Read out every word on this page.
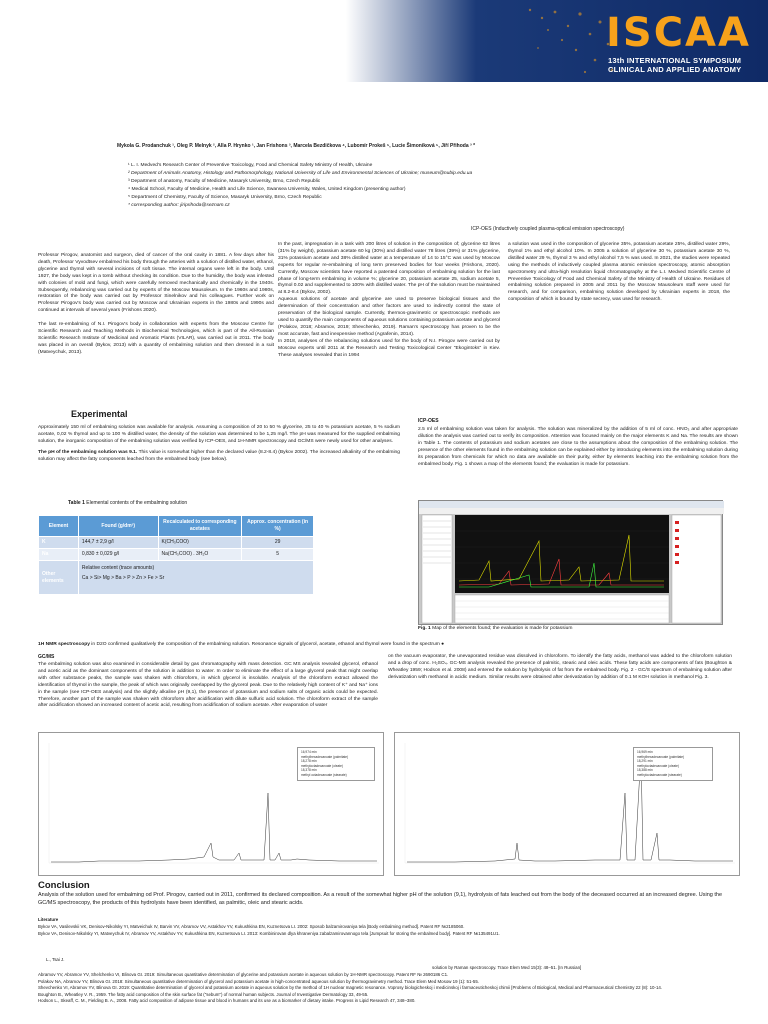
ISCAA
13th INTERNATIONAL SYMPOSIUM
CLINICAL AND APPLIED ANATOMY
Mykola G. Prodanchuk ¹, Oleg P. Melnyk ², Alla P. Hrynko ¹, Jan Frishons ³, Marcela Bezdičkova ⁴, Lubomír Prokeš ⁵, Lucie Šimoníková ⁵, Jiří Přihoda ³ *
¹ L. I. Medved's Research Center of Preventive Toxicology, Food and Chemical Safety Ministry of Health, Ukraine
² Department of Animals Anatomy, Histology and Pathomorphology, National University of Life and Environmental Sciences of Ukraine; museum@nubip.edu.ua
³ Department of anatomy, Faculty of Medicine, Masaryk University, Brno, Czech Republic
⁴ Medical School, Faculty of Medicine, Health and Life Science, Swansea University, Wales, United Kingdom (presenting author)
⁵ Department of Chemistry, Faculty of Science, Masaryk University, Brno, Czech Republic
* corresponding author: jiriprihoda@seznam.cz
ICP-OES (Inductively coupled plasma-optical emission spectroscopy)

Professor Pirogov, anatomist and surgeon, died of cancer of the oral cavity in 1881. A few days after his death, Professor Vyvodtsev embalmed his body through the arteries with a solution of distilled water, ethanol, glycerine and thymol with several incisions of soft tissue. The internal organs were left in the body. Until 1927, the body was kept in a tomb without checking its condition. Due to the humidity, the body was infested with colonies of mold and fungi, which were carefully removed mechanically and chemically in the 1940s. Subsequently, rebalancing was carried out by experts of the Moscow Mausoleum. In the 1960s and 1980s, restoration of the body was carried out by Professor Sinelnikov and his colleagues. Further work on Professor Pirogov's body was carried out by Moscow and Ukrainian experts in the 1980s and 1990s and continued at intervals of several years (Frishons 2020).

The last re-embalming of N.I. Pirogov's body in collaboration with experts from the Moscow Centre for Scientific Research and Teaching Methods in Biochemical Technologies, which is part of the All-Russian Scientific Research Institute of Medicinal and Aromatic Plants (VILAR), was carried out in 2011. The body was placed in an overall (Bykov, 2013) with a quantity of embalming solution and then dressed in a suit (Matveychuk, 2013).

In the past, impregnation in a tank with 200 litres of solution in the composition of; glycerine 62 litres (31% by weight), potassium acetate 60 kg (30%) and distilled water 78 litres (39%) or 31% glycerine, 31% potassium acetate and 38% distilled water at a temperature of 14 to 15°C was used by Moscow experts for regular re-embalming of long term preserved bodies for four weeks (Frishons, 2020). Currently, Moscow scientists have reported a patented composition of embalming solution for the last phase of long-term embalming in volume %; glycerine 20, potassium acetate 25, sodium acetate 5, thymol 0.02 and supplemented to 100% with distilled water. The pH of the solution must be maintained at 8.2-8.4 (Bykov, 2002).

Aqueous solutions of acetate and glycerine are used to preserve biological tissues and the determination of their concentration and other factors are used to indirectly control the state of preservation of the biological sample. Currently, thermos-gravimetric or spectroscopic methods are used to quantify the main components of aqueous solutions containing potassium acetate and glycerol (Polakov, 2018; Abramov, 2019; Shevchenko, 2019). Raman's spectroscopy has proven to be the most accurate, fast and inexpensive method (Agrafenin, 2014).

In 2018, analyses of the rebalancing solutions used for the body of N.I. Pirogov were carried out by Moscow experts until 2011 at the Research and Testing Toxicological Center "Ekogintoks" in Kiev. These analyses revealed that in 1994

a solution was used in the composition of glycerine 35%, potassium acetate 25%, distilled water 29%, thymol 1% and ethyl alcohol 10%. In 2005 a solution of glycerine 30 %, potassium acetate 30 %, distilled water 29 %, thymol 3 % and ethyl alcohol 7,5 % was used. In 2021, the studies were repeated using the methods of inductively coupled plasma atomic emission spectroscopy, atomic absorption spectrometry and ultra-high resolution liquid chromatography at the L.I. Medved Scientific Centre of Preventive Toxicology of Food and Chemical Safety of the Ministry of Health of Ukraine. Residues of embalming solution prepared in 2005 and 2011 by the Moscow Mausoleum staff were used for research, and for comparison, embalming solution developed by Ukrainian experts in 2018, the composition of which is bound by state secrecy, was used for research.

Experimental

Approximately 150 ml of embalming solution was available for analysis. Assuming a composition of 20 to 50 % glycerine, 25 to 40 % potassium acetate, 5 % sodium acetate, 0,02 % thymol and up to 100 % distilled water, the density of the solution was determined to be 1,25 mg/l. The pH was measured for the supplied embalming solution, the inorganic composition of the embalming solution was verified by ICP-OES, and 1H-NMR spectroscopy and GC/MS were newly used for other analyses.

The pH of the embalming solution was 9.1. This value is somewhat higher than the declared value (8.2-8.4) (Bykov 2002). The increased alkalinity of the embalming solution may affect the fatty components leached from the embalmed body (see below).

Table 1 Elemental contents of the embalming solution
Element	Found (g/dm³)	Recalculated to corresponding acetates	Approx. concentration (in %)
K	144,7 ± 2,9 g/l	K(CH₃COO)	29
Na	0,830 ± 0,029 g/l	Na(CH₃COO) . 3H₂O	5
Other elements	Relative content (trace amounts)
Ca > Si> Mg > Ba > P > Zn > Fe > Sr		
ICP-OES
2.5 ml of embalming solution was taken for analysis. The solution was mineralized by the addition of 5 ml of conc. HNO₃ and after appropriate dilution the analysis was carried out to verify its composition. Attention was focused mainly on the major elements K and Na. The results are shown in Table 1. The contents of potassium and sodium acetates are close to the assumptions about the composition of the embalming solution. The presence of the other elements found in the embalming solution can be explained either by introducing elements into the embalming solution during its preparation from chemicals for which no data are available on their purity, either by elements leaching into the embalming solution from the embalmed body. Fig. 1 shows a map of the elements found; the evaluation is made for potassium.
Fig. 1 Map of the elements found; the evaluation is made for potassium
1H NMR spectroscopy in D2O confirmed qualitatively the composition of the embalming solution. Resonance signals of glycerol, acetate, ethanol and thymol were found in the spectrum ●
GC/MS
The embalming solution was also examined in considerable detail by gas chromatography with mass detection. GC MS analysis revealed glycerol, ethanol and acetic acid as the dominant components of the solution in addition to water. In order to eliminate the effect of a large glycerol peak that might overlap with other substance peaks, the sample was shaken with chloroform, in which glycerol is insoluble. Analysis of the chloroform extract allowed the identification of thymol in the sample, the peak of which was originally overlapped by the glycerol peak. Due to the relatively high content of K⁺ and Na⁺ ions in the sample (see ICP-OES analysis) and the slightly alkaline pH (9,1), the presence of potassium and sodium salts of organic acids could be expected. Therefore, another part of the sample was shaken with chloroform after acidification with dilute sulfuric acid solution. The chloroform extract of the sample after acidification showed an increased content of acetic acid, resulting from acidification of sodium acetate. After evaporation of water
on the vacuum evaporator, the unevaporated residue was dissolved in chloroform. To identify the fatty acids, methanol was added to the chloroform solution and a drop of conc. H₂SO₄. GC-MS analysis revealed the presence of palmitic, stearic and oleic acids. These fatty acids are components of fats (Boughton & Wheatley 1959; Hodson et al. 2008) and entered the solution by hydrolysis of fat from the embalmed body. Fig. 2 - GC/S spectrum of embalming solution after derivatization with methanol in acidic medium. Similar results were obtained after derivatization by addition of 0.1 M KOH solution in methanol Fig. 3.
16,974 min
methylhexadecanoate (palmitate)
18,278 min
methyloctadecanoate (oleate)
18,378 min
methyl octadecanoate (stearate)
16,969 min
methylhexadecanoate (palmitate)
18,291 min
methyloctadecanoate (oleate)
18,388 min
methyloctadecanoate (stearate)
Conclusion
Analysis of the solution used for embalming od Prof. Pirogov, carried out in 2011, confirmed its declared composition. As a result of the somewhat higher pH of the solution (9,1), hydrolysis of fats leached out from the body of the deceased occurred at an increased degree. Using the GC/MS spectroscopy, the products of this hydrolysis have been identified, as palmitic, oleic and stearic acids.
Literature
Bykov VA, Vasilevskii VK, Denisov-Nikolsky YI, Matveichuk IV, Barvin VV, Abramov VV, Astakhov YV, Kukushkina EN, Kuznetsova LI. 2002: Sposob balzamirovaniya tela [Body embalming method]. Patent RF №2185060.
Bykov VA, Denisov-Nikolsky YI, Matveychuk IV, Abramov YV, Astakhov YV, Kukushkina EN, Kuznetsova LI. 2013: Kombinirovan dlya khraneniya zabalzamirovannogo tela [Jumpsuit for storing the embalmed body]. Patent RF №135491U1.
L., Tsai J.
solution by Raman spectroscopy. Trace Elem Med 15(3): 48–51. [In Russian]
Abramov YV, Abramov YV, Shelchenko VI, Blinova GI. 2019: Simultaneous quantitative determination of glycerine and potassium acetate in aqueous solution by 1H-NMR spectroscopy. Patent RF № 2690186 C1.
Polakov NA, Abramov YV, Blinova GI. 2018: Simultaneous quantitative determination of glycerol and potassium acetate in high-concentrated aqueous solution by thermogravimetry method. Trace Elem Med Mosow 19 (1): 51-55.
Shevchenko VI, Abramov YV, Blinova GI. 2019: Quantitative determination of glycerol and potassium acetate in aqueous solution by the method of 1H nuclear magnetic resonance. Voprosy biologicheskoj i medicinskoj i farmaceuticheskoj chimii [Problems of Biological, Medical and Pharmaceutical Chemistry 22 (8): 10-14.
Boughton B., Wheatley V. R., 1959. The fatty acid composition of the skin surface fat ("sebum") of normal human subjects. Journal of Investigative Dermatology 33, 49-55.
Hodson L., Skeaff, C. M., Fielding B. A., 2008. Fatty acid composition of adipose tissue and blood in humans and its use as a biomarker of dietary intake. Progress in Lipid Research 47, 348–380.
